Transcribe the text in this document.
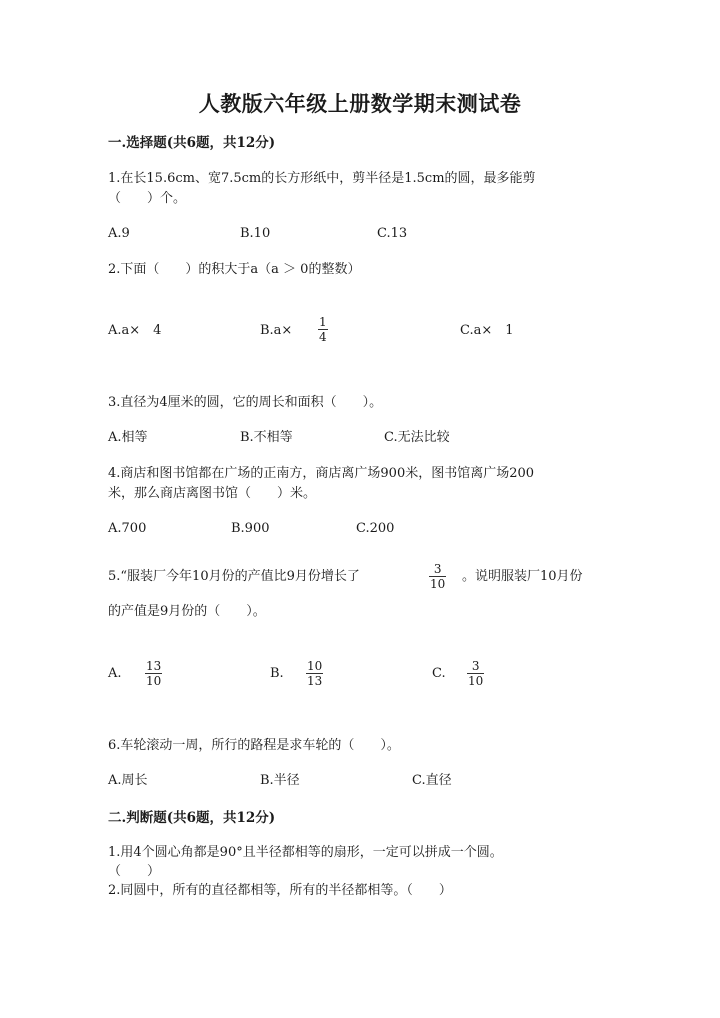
人教版六年级上册数学期末测试卷
一.选择题(共6题，共12分)
1.在长15.6cm、宽7.5cm的长方形纸中，剪半径是1.5cm的圆，最多能剪
（　　）个。
A.9	B.10	C.13
2.下面（　　）的积大于a（a ＞ 0的整数）
A.a×　4	B.a×
1
4	C.a×　1
3.直径为4厘米的圆，它的周长和面积（　　）。
A.相等	B.不相等	C.无法比较
4.商店和图书馆都在广场的正南方，商店离广场900米，图书馆离广场200
米，那么商店离图书馆（　　）米。
A.700	B.900	C.200
5.“服装厂今年10月份的产值比9月份增长了	3
10 。说明服装厂10月份
的产值是9月份的（　　）。
A. 13
10	B. 10
13	C. 3
10
6.车轮滚动一周，所行的路程是求车轮的（　　）。
A.周长	B.半径	C.直径
二.判断题(共6题，共12分)
1.用4个圆心角都是90°且半径都相等的扇形，一定可以拼成一个圆。
（　　）
2.同圆中，所有的直径都相等，所有的半径都相等。（　　）
